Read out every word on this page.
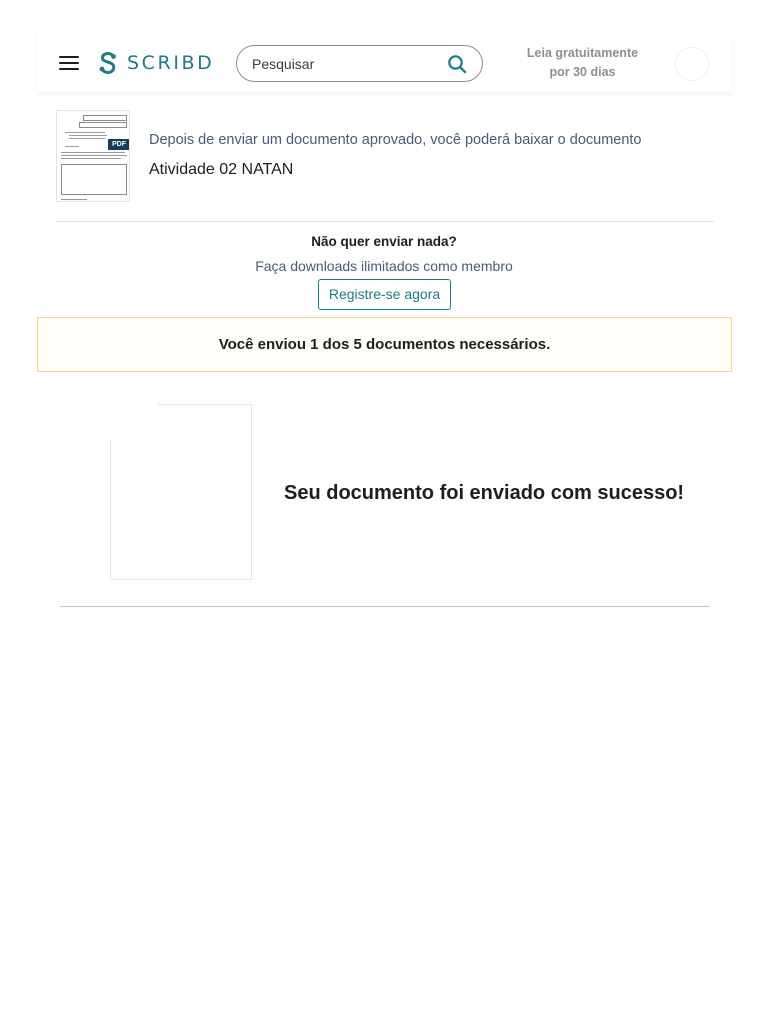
SCRIBD
Pesquisar	Leia gratuitamente
por 30 dias
PDF Depois de enviar um documento aprovado, você poderá baixar o documento
Atividade 02 NATAN
Não quer enviar nada?
Faça downloads ilimitados como membro
Registre-se agora
Você enviou 1 dos 5 documentos necessários.
Seu documento foi enviado com sucesso!
